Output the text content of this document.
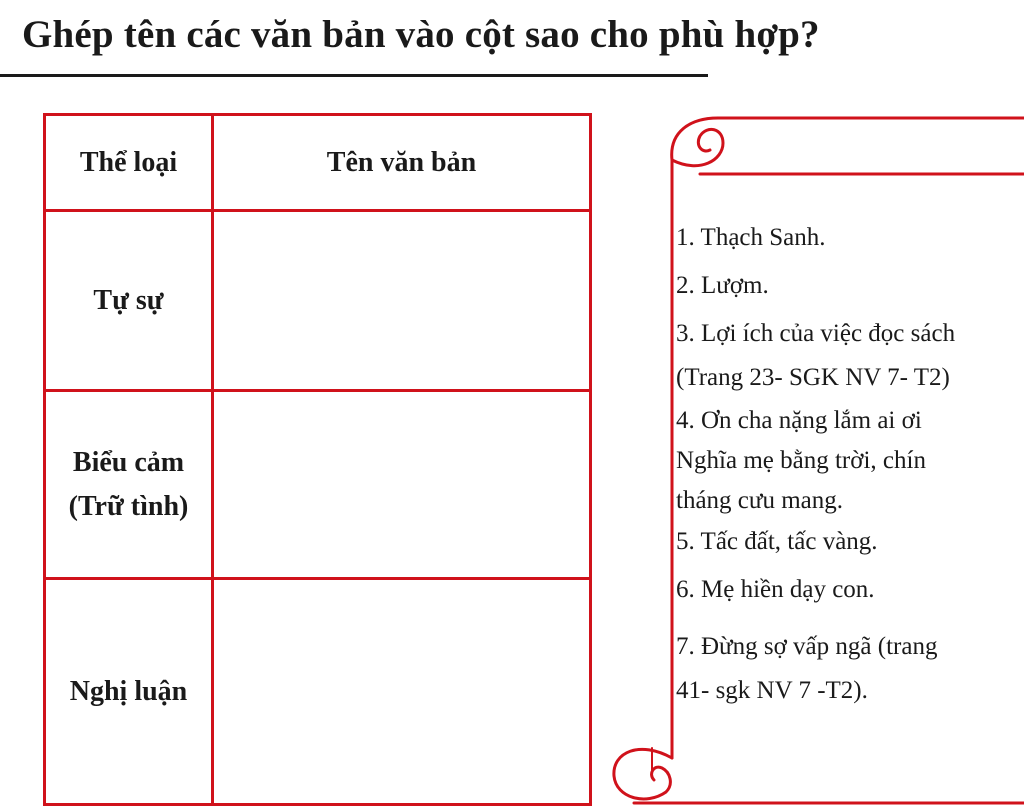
Ghép tên các văn bản vào cột sao cho phù hợp?
Thể loại	Tên văn bản
Tự sự	

Biểu cảm
(Trữ tình)	

Nghị luận	
1. Thạch Sanh.
2. Lượm.
3. Lợi ích của việc đọc sách
(Trang 23- SGK NV 7- T2)
4. Ơn cha nặng lắm ai ơi
Nghĩa mẹ bằng trời, chín
tháng cưu mang.
5. Tấc đất, tấc vàng.
6. Mẹ hiền dạy con.
7. Đừng sợ vấp ngã (trang
41- sgk NV 7 -T2).
